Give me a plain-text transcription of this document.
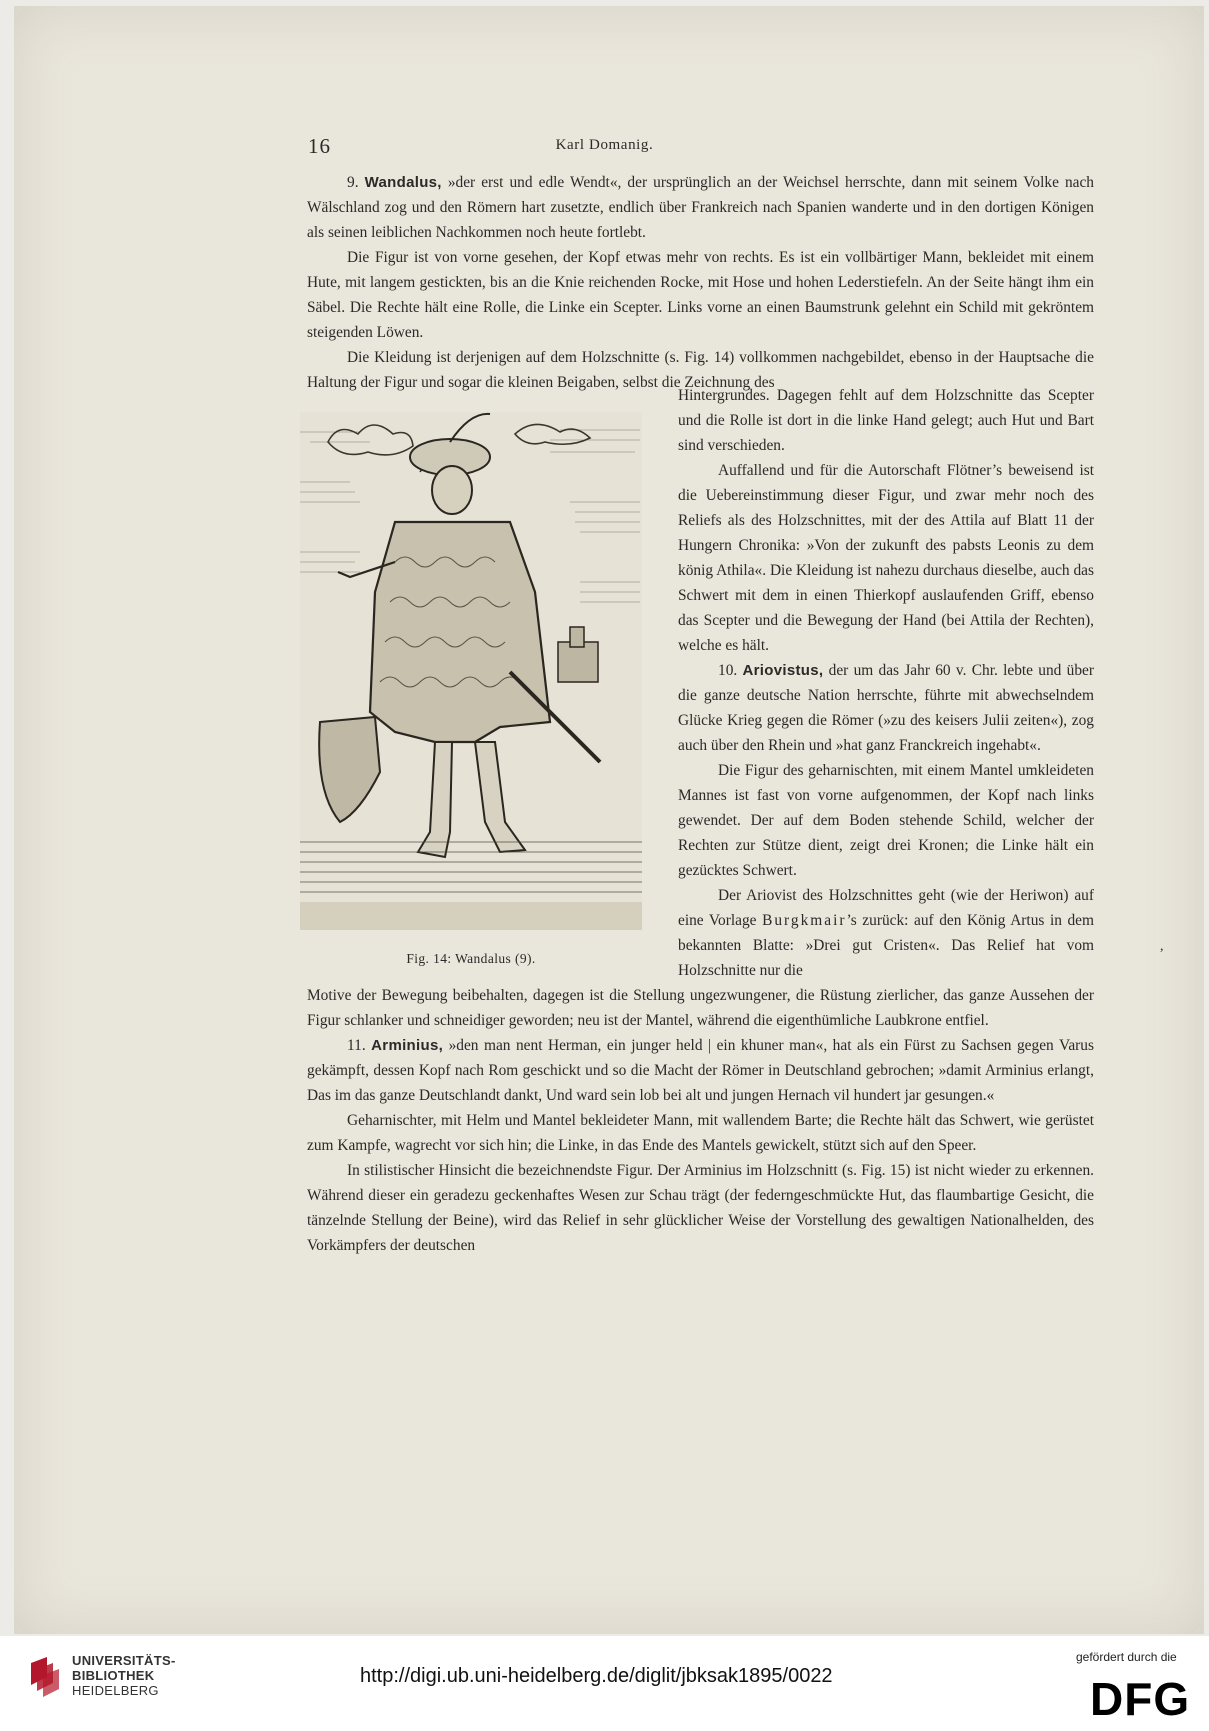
16	Karl Domanig.

9. Wandalus, »der erst und edle Wendt«, der ursprünglich an der Weichsel herrschte, dann mit seinem Volke nach Wälschland zog und den Römern hart zusetzte, endlich über Frankreich nach Spanien wanderte und in den dortigen Königen als seinen leiblichen Nachkommen noch heute fortlebt.

Die Figur ist von vorne gesehen, der Kopf etwas mehr von rechts. Es ist ein vollbärtiger Mann, bekleidet mit einem Hute, mit langem gestickten, bis an die Knie reichenden Rocke, mit Hose und hohen Lederstiefeln. An der Seite hängt ihm ein Säbel. Die Rechte hält eine Rolle, die Linke ein Scepter. Links vorne an einen Baumstrunk gelehnt ein Schild mit gekröntem steigenden Löwen.

Die Kleidung ist derjenigen auf dem Holzschnitte (s. Fig. 14) vollkommen nachgebildet, ebenso in der Hauptsache die Haltung der Figur und sogar die kleinen Beigaben, selbst die Zeichnung des

Fig. 14: Wandalus (9).

Hintergrundes. Dagegen fehlt auf dem Holzschnitte das Scepter und die Rolle ist dort in die linke Hand gelegt; auch Hut und Bart sind verschieden.

Auffallend und für die Autorschaft Flötner’s beweisend ist die Uebereinstimmung dieser Figur, und zwar mehr noch des Reliefs als des Holzschnittes, mit der des Attila auf Blatt 11 der Hungern Chronika: »Von der zukunft des pabsts Leonis zu dem könig Athila«. Die Kleidung ist nahezu durchaus dieselbe, auch das Schwert mit dem in einen Thierkopf auslaufenden Griff, ebenso das Scepter und die Bewegung der Hand (bei Attila der Rechten), welche es hält.

10. Ariovistus, der um das Jahr 60 v. Chr. lebte und über die ganze deutsche Nation herrschte, führte mit abwechselndem Glücke Krieg gegen die Römer (»zu des keisers Julii zeiten«), zog auch über den Rhein und »hat ganz Franckreich ingehabt«.

Die Figur des geharnischten, mit einem Mantel umkleideten Mannes ist fast von vorne aufgenommen, der Kopf nach links gewendet. Der auf dem Boden stehende Schild, welcher der Rechten zur Stütze dient, zeigt drei Kronen; die Linke hält ein gezücktes Schwert.

Der Ariovist des Holzschnittes geht (wie der Heriwon) auf eine Vorlage Burgkmair’s zurück: auf den König Artus in dem bekannten Blatte: »Drei gut Cristen«. Das Relief hat vom Holzschnitte nur die

,

Motive der Bewegung beibehalten, dagegen ist die Stellung ungezwungener, die Rüstung zierlicher, das ganze Aussehen der Figur schlanker und schneidiger geworden; neu ist der Mantel, während die eigenthümliche Laubkrone entfiel.

11. Arminius, »den man nent Herman, ein junger held | ein khuner man«, hat als ein Fürst zu Sachsen gegen Varus gekämpft, dessen Kopf nach Rom geschickt und so die Macht der Römer in Deutschland gebrochen; »damit Arminius erlangt, Das im das ganze Deutschlandt dankt, Und ward sein lob bei alt und jungen Hernach vil hundert jar gesungen.«

Geharnischter, mit Helm und Mantel bekleideter Mann, mit wallendem Barte; die Rechte hält das Schwert, wie gerüstet zum Kampfe, wagrecht vor sich hin; die Linke, in das Ende des Mantels gewickelt, stützt sich auf den Speer.

In stilistischer Hinsicht die bezeichnendste Figur. Der Arminius im Holzschnitt (s. Fig. 15) ist nicht wieder zu erkennen. Während dieser ein geradezu geckenhaftes Wesen zur Schau trägt (der federngeschmückte Hut, das flaumbartige Gesicht, die tänzelnde Stellung der Beine), wird das Relief in sehr glücklicher Weise der Vorstellung des gewaltigen Nationalhelden, des Vorkämpfers der deutschen

UNIVERSITÄTS-
BIBLIOTHEK
HEIDELBERG
http://digi.ub.uni-heidelberg.de/diglit/jbksak1895/0022
gefördert durch die
DFG
